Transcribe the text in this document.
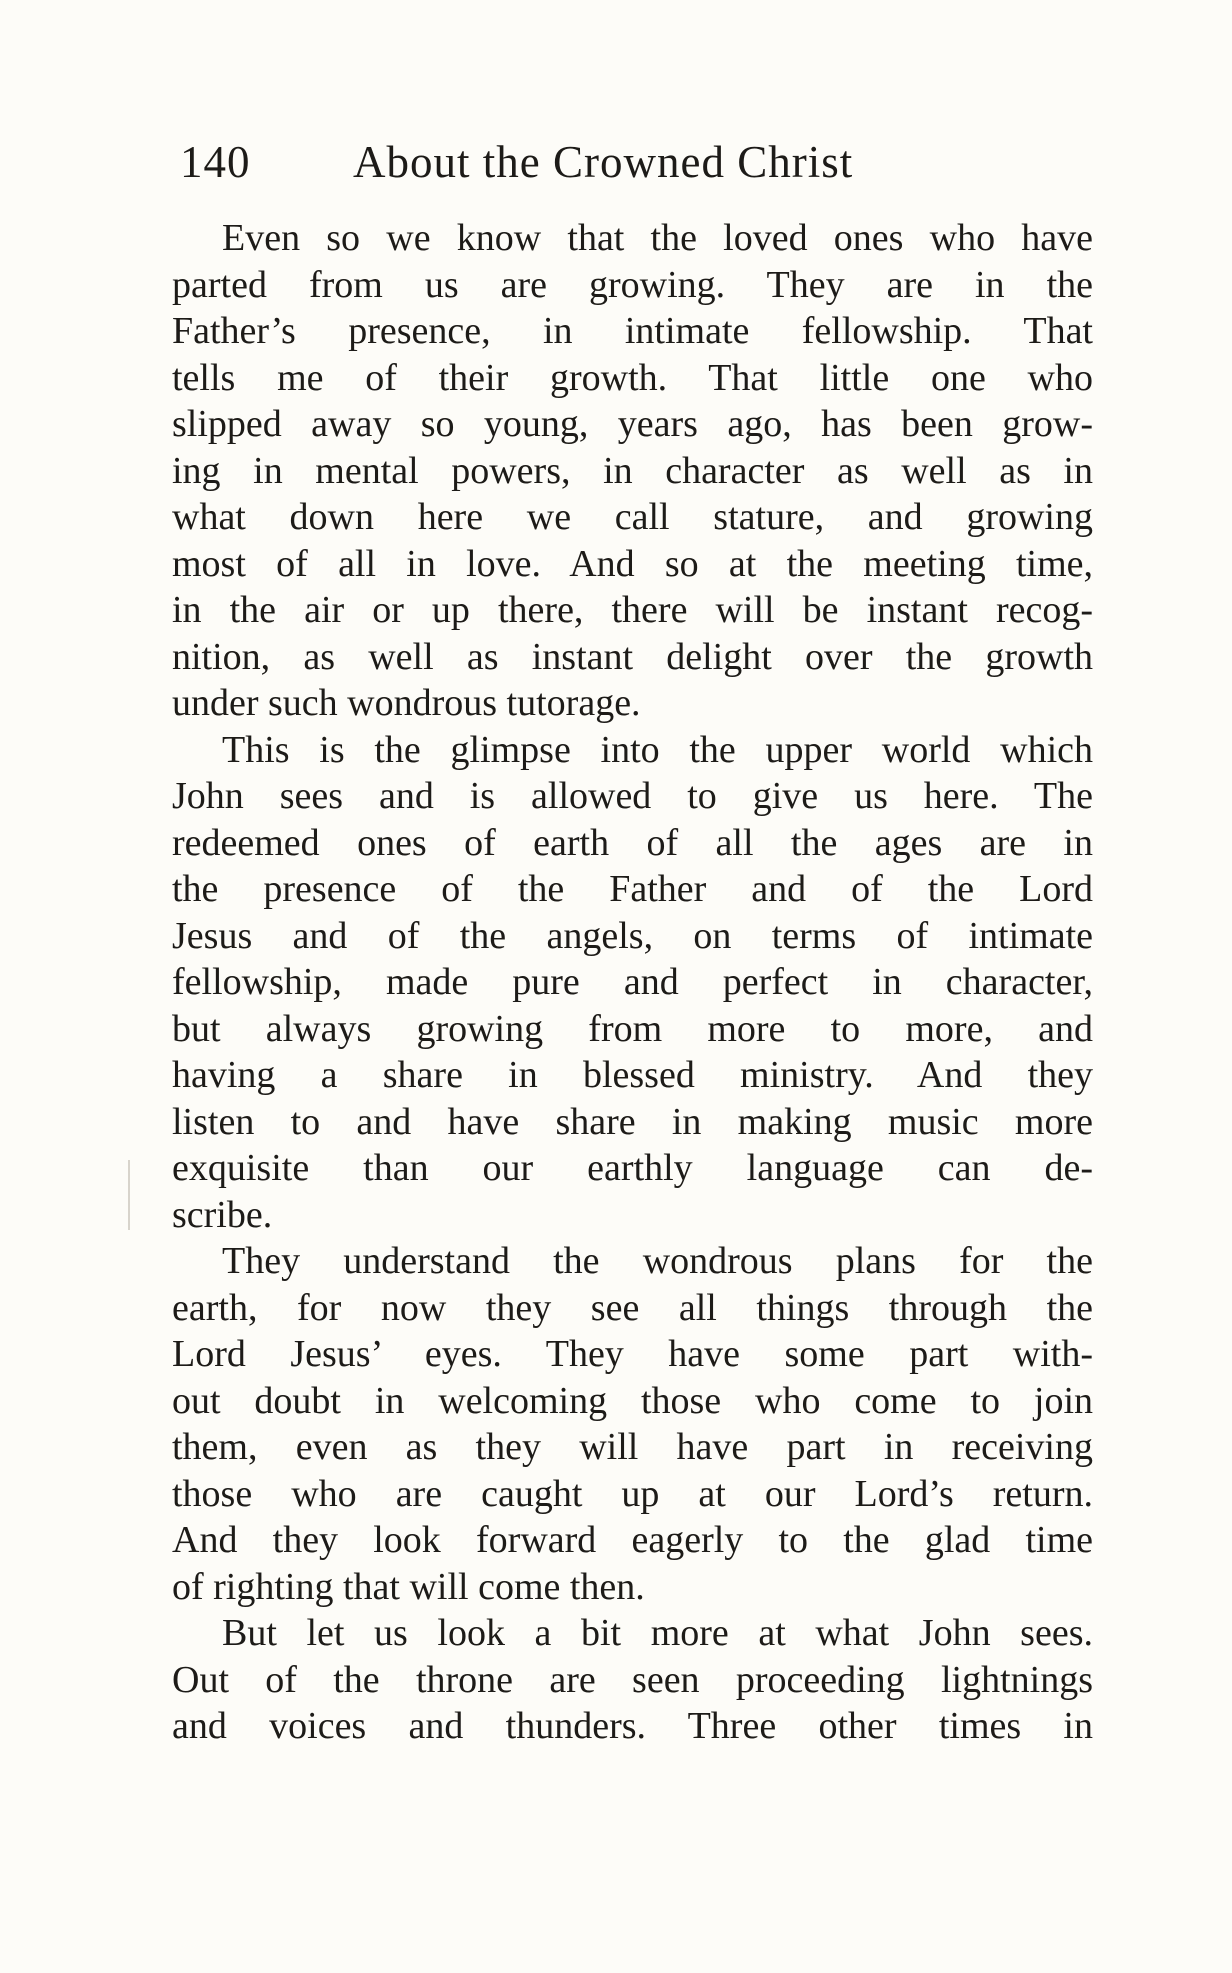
140 About the Crowned Christ
Even so we know that the loved ones who have
parted from us are growing. They are in the
Father’s presence, in intimate fellowship. That
tells me of their growth. That little one who
slipped away so young, years ago, has been grow-
ing in mental powers, in character as well as in
what down here we call stature, and growing
most of all in love. And so at the meeting time,
in the air or up there, there will be instant recog-
nition, as well as instant delight over the growth
under such wondrous tutorage.
This is the glimpse into the upper world which
John sees and is allowed to give us here. The
redeemed ones of earth of all the ages are in
the presence of the Father and of the Lord
Jesus and of the angels, on terms of intimate
fellowship, made pure and perfect in character,
but always growing from more to more, and
having a share in blessed ministry. And they
listen to and have share in making music more
exquisite than our earthly language can de-
scribe.
They understand the wondrous plans for the
earth, for now they see all things through the
Lord Jesus’ eyes. They have some part with-
out doubt in welcoming those who come to join
them, even as they will have part in receiving
those who are caught up at our Lord’s return.
And they look forward eagerly to the glad time
of righting that will come then.
But let us look a bit more at what John sees.
Out of the throne are seen proceeding lightnings
and voices and thunders. Three other times in
